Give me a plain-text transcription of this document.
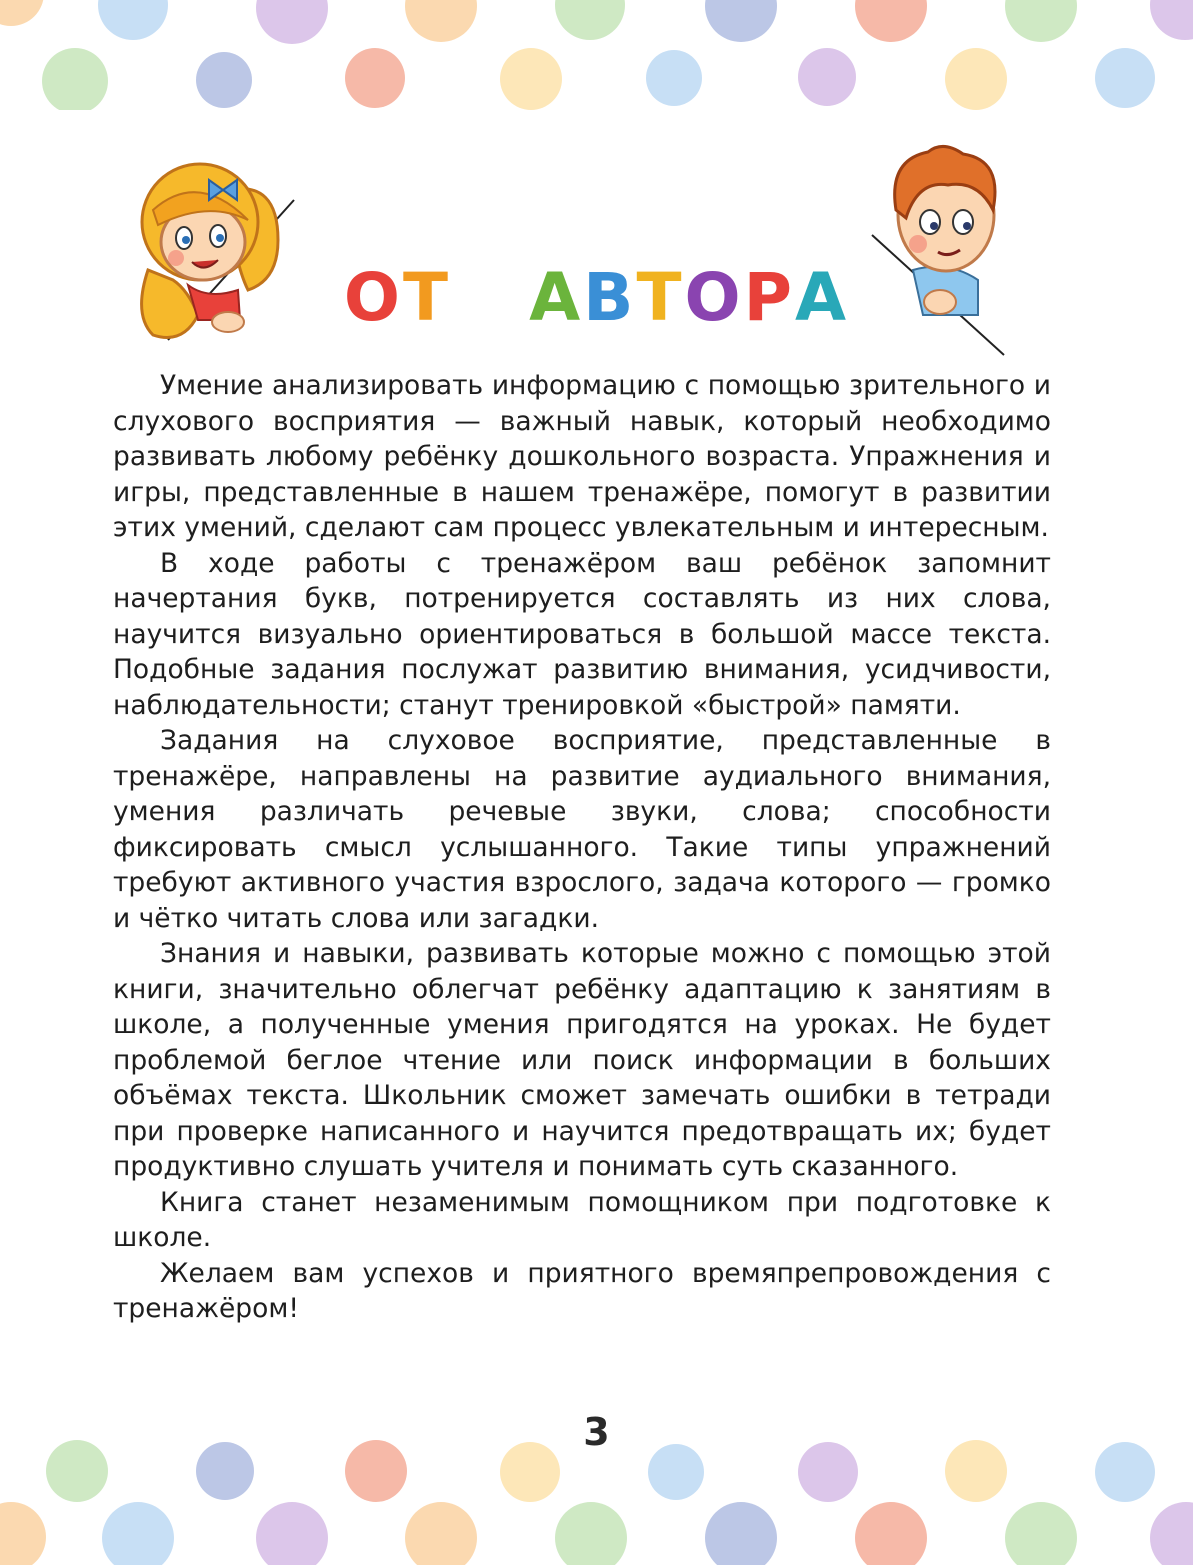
ОТ АВТОРА

Умение анализировать информацию с помощью зрительного и слухового восприятия — важный навык, который необходимо развивать любому ребёнку дошкольного возраста. Упражнения и игры, представленные в нашем тренажёре, помогут в развитии этих умений, сделают сам процесс увлекательным и интересным.

В ходе работы с тренажёром ваш ребёнок запомнит начертания букв, потренируется составлять из них слова, научится визуально ориентироваться в большой массе текста. Подобные задания послужат развитию внимания, усидчивости, наблюдательности; станут тренировкой «быстрой» памяти.

Задания на слуховое восприятие, представленные в тренажёре, направлены на развитие аудиального внимания, умения различать речевые звуки, слова; способности фиксировать смысл услышанного. Такие типы упражнений требуют активного участия взрослого, задача которого — громко и чётко читать слова или загадки.

Знания и навыки, развивать которые можно с помощью этой книги, значительно облегчат ребёнку адаптацию к занятиям в школе, а полученные умения пригодятся на уроках. Не будет проблемой беглое чтение или поиск информации в больших объёмах текста. Школьник сможет замечать ошибки в тетради при проверке написанного и научится предотвращать их; будет продуктивно слушать учителя и понимать суть сказанного.

Книга станет незаменимым помощником при подготовке к школе.

Желаем вам успехов и приятного времяпрепровождения с тренажёром!

3
